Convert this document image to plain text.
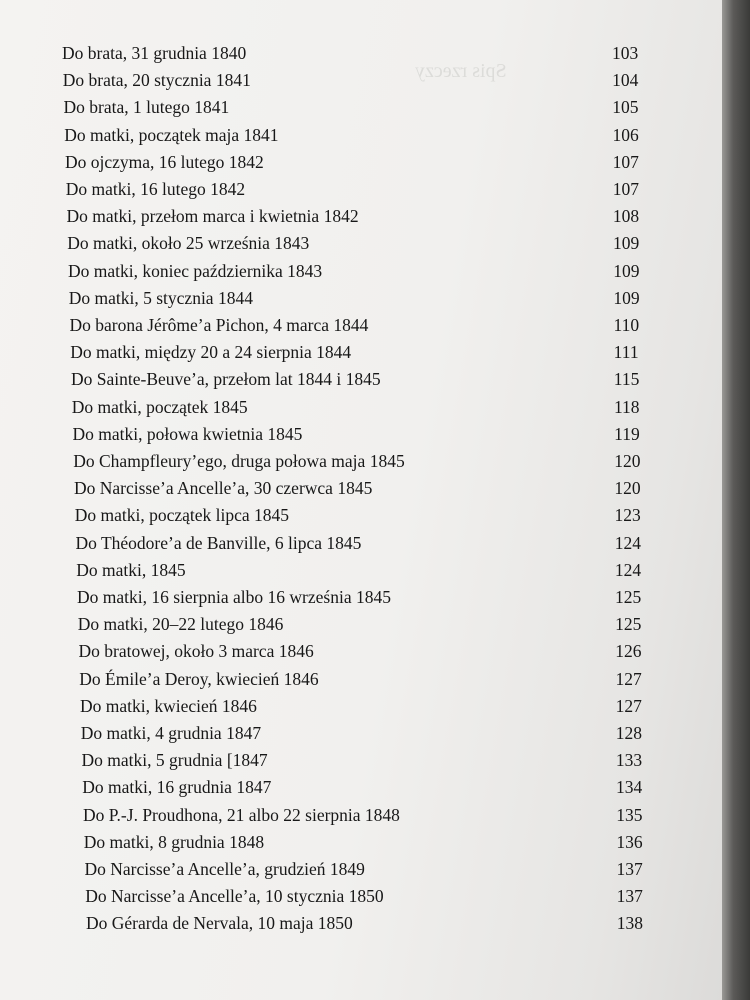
Spis rzeczy
Do brata, 31 grudnia 1840	103
Do brata, 20 stycznia 1841	104
Do brata, 1 lutego 1841	105
Do matki, początek maja 1841	106
Do ojczyma, 16 lutego 1842	107
Do matki, 16 lutego 1842	107
Do matki, przełom marca i kwietnia 1842	108
Do matki, około 25 września 1843	109
Do matki, koniec października 1843	109
Do matki, 5 stycznia 1844	109
Do barona Jérôme’a Pichon, 4 marca 1844	110
Do matki, między 20 a 24 sierpnia 1844	111
Do Sainte-Beuve’a, przełom lat 1844 i 1845	115
Do matki, początek 1845	118
Do matki, połowa kwietnia 1845	119
Do Champfleury’ego, druga połowa maja 1845	120
Do Narcisse’a Ancelle’a, 30 czerwca 1845	120
Do matki, początek lipca 1845	123
Do Théodore’a de Banville, 6 lipca 1845	124
Do matki, 1845	124
Do matki, 16 sierpnia albo 16 września 1845	125
Do matki, 20–22 lutego 1846	125
Do bratowej, około 3 marca 1846	126
Do Émile’a Deroy, kwiecień 1846	127
Do matki, kwiecień 1846	127
Do matki, 4 grudnia 1847	128
Do matki, 5 grudnia [1847	133
Do matki, 16 grudnia 1847	134
Do P.-J. Proudhona, 21 albo 22 sierpnia 1848	135
Do matki, 8 grudnia 1848	136
Do Narcisse’a Ancelle’a, grudzień 1849	137
Do Narcisse’a Ancelle’a, 10 stycznia 1850	137
Do Gérarda de Nervala, 10 maja 1850	138
